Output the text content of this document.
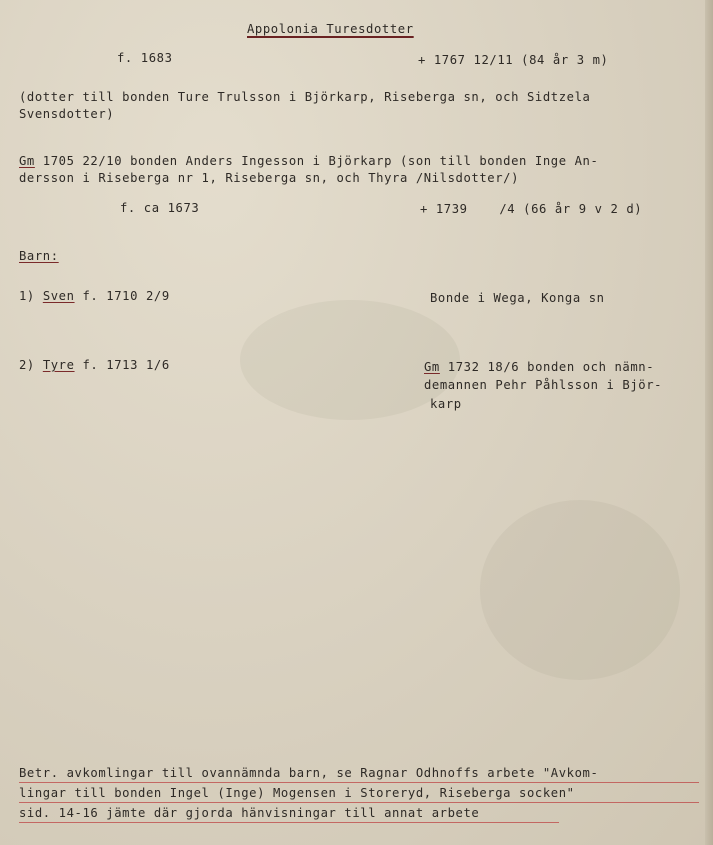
Appolonia Turesdotter
f. 1683	+ 1767 12/11 (84 år 3 m)
(dotter till bonden Ture Trulsson i Björkarp, Riseberga sn, och Sidtzela
Svensdotter)
Gm 1705 22/10 bonden Anders Ingesson i Björkarp (son till bonden Inge An-
dersson i Riseberga nr 1, Riseberga sn, och Thyra /Nilsdotter/)
f. ca 1673	+ 1739    /4 (66 år 9 v 2 d)
Barn:
1) Sven f. 1710 2/9	Bonde i Wega, Konga sn
2) Tyre f. 1713 1/6	Gm 1732 18/6 bonden och nämn-
demannen Pehr Påhlsson i Björ-
karp
Betr. avkomlingar till ovannämnda barn, se Ragnar Odhnoffs arbete "Avkom-
lingar till bonden Ingel (Inge) Mogensen i Storeryd, Riseberga socken"
sid. 14-16 jämte där gjorda hänvisningar till annat arbete
